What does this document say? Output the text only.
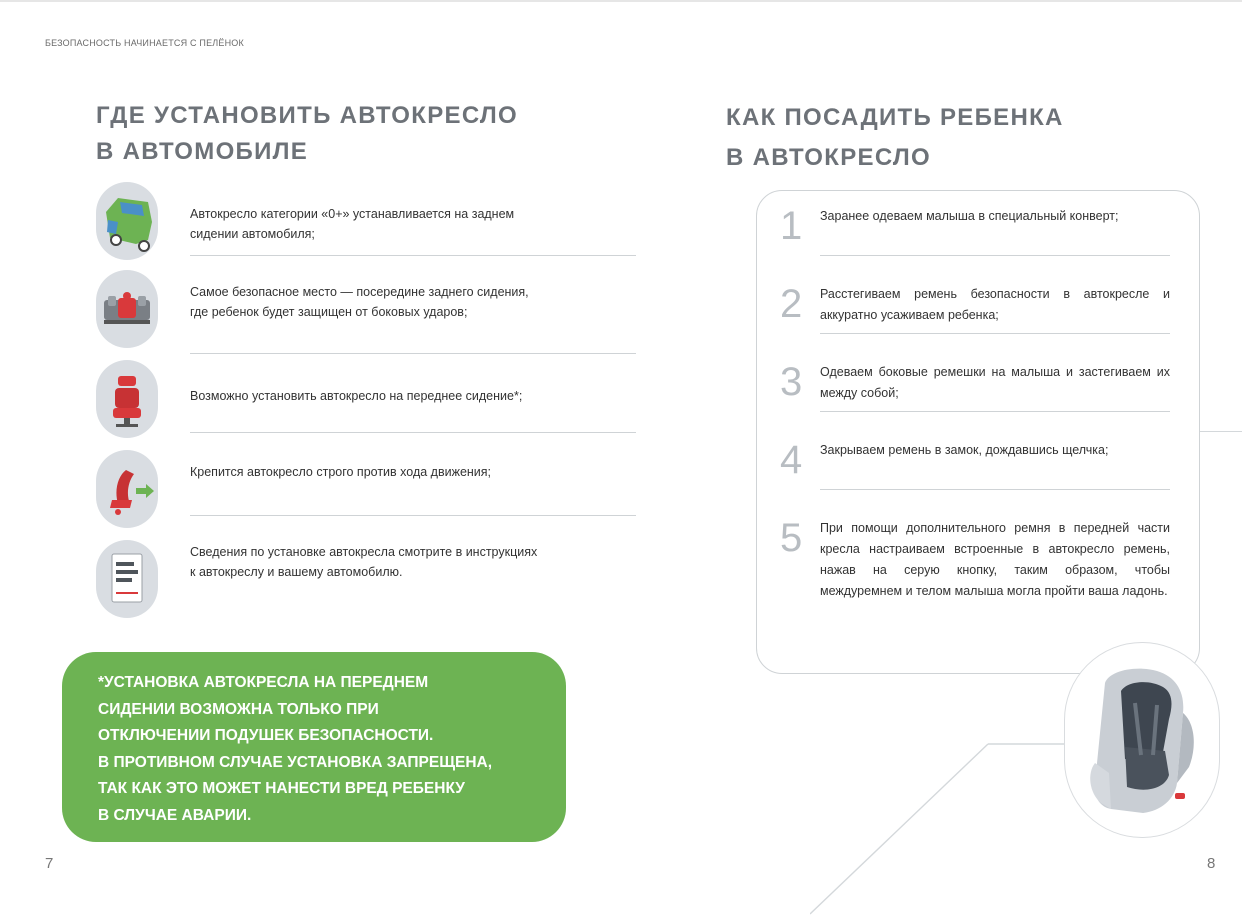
БЕЗОПАСНОСТЬ НАЧИНАЕТСЯ С ПЕЛЁНОК
ГДЕ УСТАНОВИТЬ АВТОКРЕСЛО
В АВТОМОБИЛЕ
Автокресло категории «0+» устанавливается на заднем сидении автомобиля;
Самое безопасное место — посередине заднего сидения, где ребенок будет защищен от боковых ударов;
Возможно установить автокресло на переднее сидение*;
Крепится автокресло строго против хода движения;
Сведения по установке автокресла смотрите в инструкциях к автокреслу и вашему автомобилю.
*УСТАНОВКА АВТОКРЕСЛА НА ПЕРЕДНЕМ
СИДЕНИИ ВОЗМОЖНА ТОЛЬКО ПРИ
ОТКЛЮЧЕНИИ ПОДУШЕК БЕЗОПАСНОСТИ.
В ПРОТИВНОМ СЛУЧАЕ УСТАНОВКА ЗАПРЕЩЕНА,
ТАК КАК ЭТО МОЖЕТ НАНЕСТИ ВРЕД РЕБЕНКУ
В СЛУЧАЕ АВАРИИ.
7
КАК ПОСАДИТЬ РЕБЕНКА
В АВТОКРЕСЛО
1	Заранее одеваем малыша в специальный конверт;
2	Расстегиваем ремень безопасности в автокресле и аккуратно усаживаем ребенка;
3	Одеваем боковые ремешки на малыша и застегиваем их между собой;
4	Закрываем ремень в замок, дождавшись щелчка;
5	При помощи дополнительного ремня в передней части кресла настраиваем встроенные в автокресло ремень, нажав на серую кнопку, таким образом, чтобы междуремнем и телом малыша могла пройти ваша ладонь.
8
